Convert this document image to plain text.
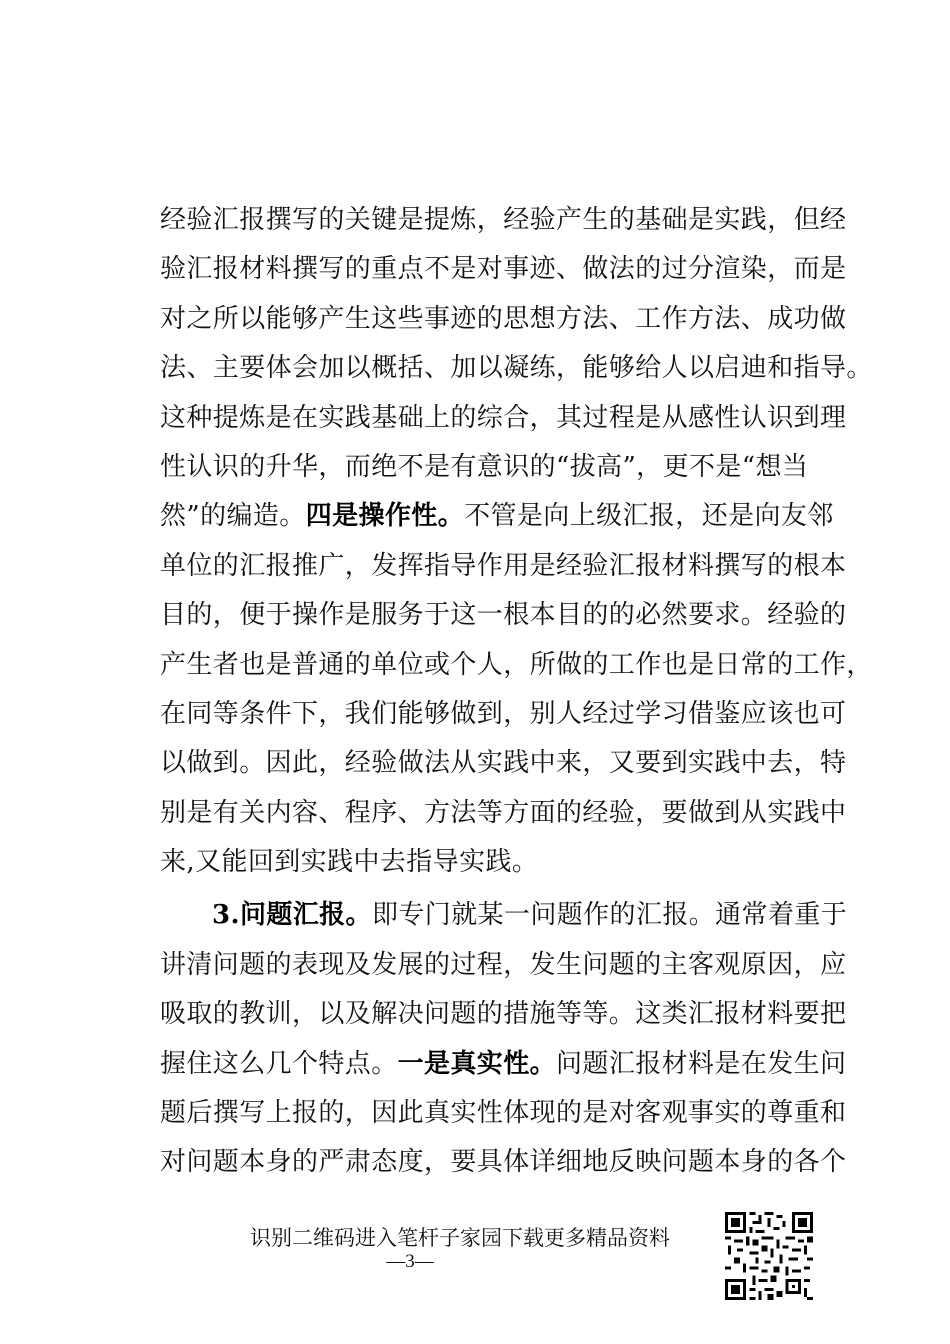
经验汇报撰写的关键是提炼，经验产生的基础是实践，但经
验汇报材料撰写的重点不是对事迹、做法的过分渲染，而是
对之所以能够产生这些事迹的思想方法、工作方法、成功做
法、主要体会加以概括、加以凝练，能够给人以启迪和指导。
这种提炼是在实践基础上的综合，其过程是从感性认识到理
性认识的升华，而绝不是有意识的“拔高”，更不是“想当
然”的编造。四是操作性。不管是向上级汇报，还是向友邻
单位的汇报推广，发挥指导作用是经验汇报材料撰写的根本
目的，便于操作是服务于这一根本目的的必然要求。经验的
产生者也是普通的单位或个人，所做的工作也是日常的工作，
在同等条件下，我们能够做到，别人经过学习借鉴应该也可
以做到。因此，经验做法从实践中来，又要到实践中去，特
别是有关内容、程序、方法等方面的经验，要做到从实践中
来,又能回到实践中去指导实践。
3.问题汇报。即专门就某一问题作的汇报。通常着重于
讲清问题的表现及发展的过程，发生问题的主客观原因，应
吸取的教训，以及解决问题的措施等等。这类汇报材料要把
握住这么几个特点。一是真实性。问题汇报材料是在发生问
题后撰写上报的，因此真实性体现的是对客观事实的尊重和
对问题本身的严肃态度，要具体详细地反映问题本身的各个
识别二维码进入笔杆子家园下载更多精品资料
—3—
